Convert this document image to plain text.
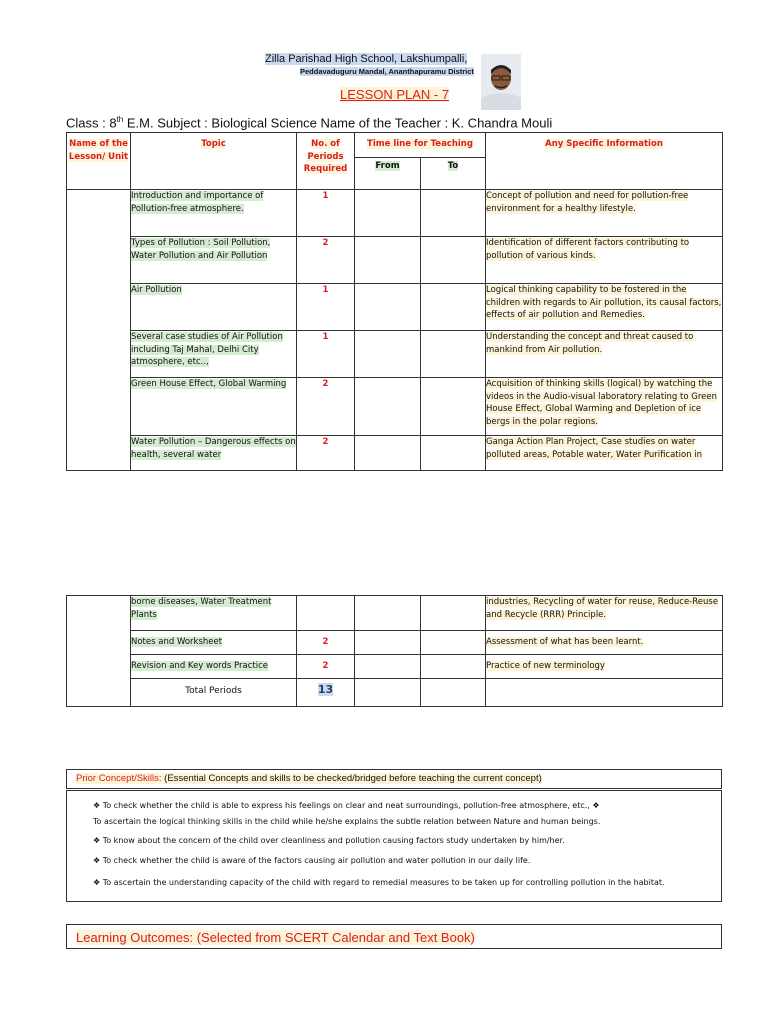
Zilla Parishad High School, Lakshumpalli,
Peddavaduguru Mandal, Ananthapuramu District
LESSON PLAN - 7
Class : 8th E.M. Subject : Biological Science Name of the Teacher : K. Chandra Mouli
Name of the Lesson/ Unit	Topic	No. of Periods Required	Time line for Teaching		Any Specific Information
			From	To	
	Introduction and importance of Pollution-free atmosphere.	1			Concept of pollution and need for pollution-free environment for a healthy lifestyle.
	Types of Pollution : Soil Pollution, Water Pollution and Air Pollution	2			Identification of different factors contributing to pollution of various kinds.
	Air Pollution	1			Logical thinking capability to be fostered in the children with regards to Air pollution, its causal factors, effects of air pollution and Remedies.
	Several case studies of Air Pollution including Taj Mahal, Delhi City atmosphere, etc..,	1			Understanding the concept and threat caused to mankind from Air pollution.
	Green House Effect, Global Warming	2			Acquisition of thinking skills (logical) by watching the videos in the Audio-visual laboratory relating to Green House Effect, Global Warming and Depletion of ice bergs in the polar regions.
	Water Pollution – Dangerous effects on health, several water	2			Ganga Action Plan Project, Case studies on water polluted areas, Potable water, Water Purification in
	borne diseases, Water Treatment Plants				industries, Recycling of water for reuse, Reduce-Reuse and Recycle (RRR) Principle.
	Notes and Worksheet	2			Assessment of what has been learnt.
	Revision and Key words Practice	2			Practice of new terminology
	Total Periods	13			
Prior Concept/Skills: (Essential Concepts and skills to be checked/bridged before teaching the current concept)
❖ To check whether the child is able to express his feelings on clear and neat surroundings, pollution-free atmosphere, etc., ❖
To ascertain the logical thinking skills in the child while he/she explains the subtle relation between Nature and human beings.
❖ To know about the concern of the child over cleanliness and pollution causing factors study undertaken by him/her.
❖ To check whether the child is aware of the factors causing air pollution and water pollution in our daily life.
❖ To ascertain the understanding capacity of the child with regard to remedial measures to be taken up for controlling pollution in the habitat.
Learning Outcomes: (Selected from SCERT Calendar and Text Book)
